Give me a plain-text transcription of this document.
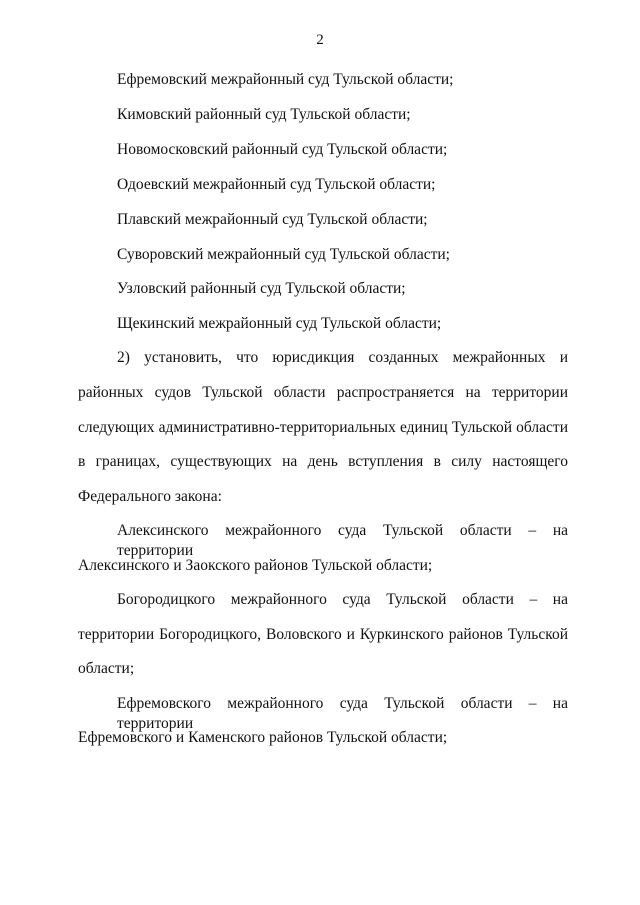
2
Ефремовский межрайонный суд Тульской области;
Кимовский районный суд Тульской области;
Новомосковский районный суд Тульской области;
Одоевский межрайонный суд Тульской области;
Плавский межрайонный суд Тульской области;
Суворовский межрайонный суд Тульской области;
Узловский районный суд Тульской области;
Щекинский межрайонный суд Тульской области;
2) установить, что юрисдикция созданных межрайонных и
районных судов Тульской области распространяется на территории
следующих административно-территориальных единиц Тульской области
в границах, существующих на день вступления в силу настоящего
Федерального закона:
Алексинского межрайонного суда Тульской области – на территории
Алексинского и Заокского районов Тульской области;
Богородицкого межрайонного суда Тульской области – на
территории Богородицкого, Воловского и Куркинского районов Тульской
области;
Ефремовского межрайонного суда Тульской области – на территории
Ефремовского и Каменского районов Тульской области;
